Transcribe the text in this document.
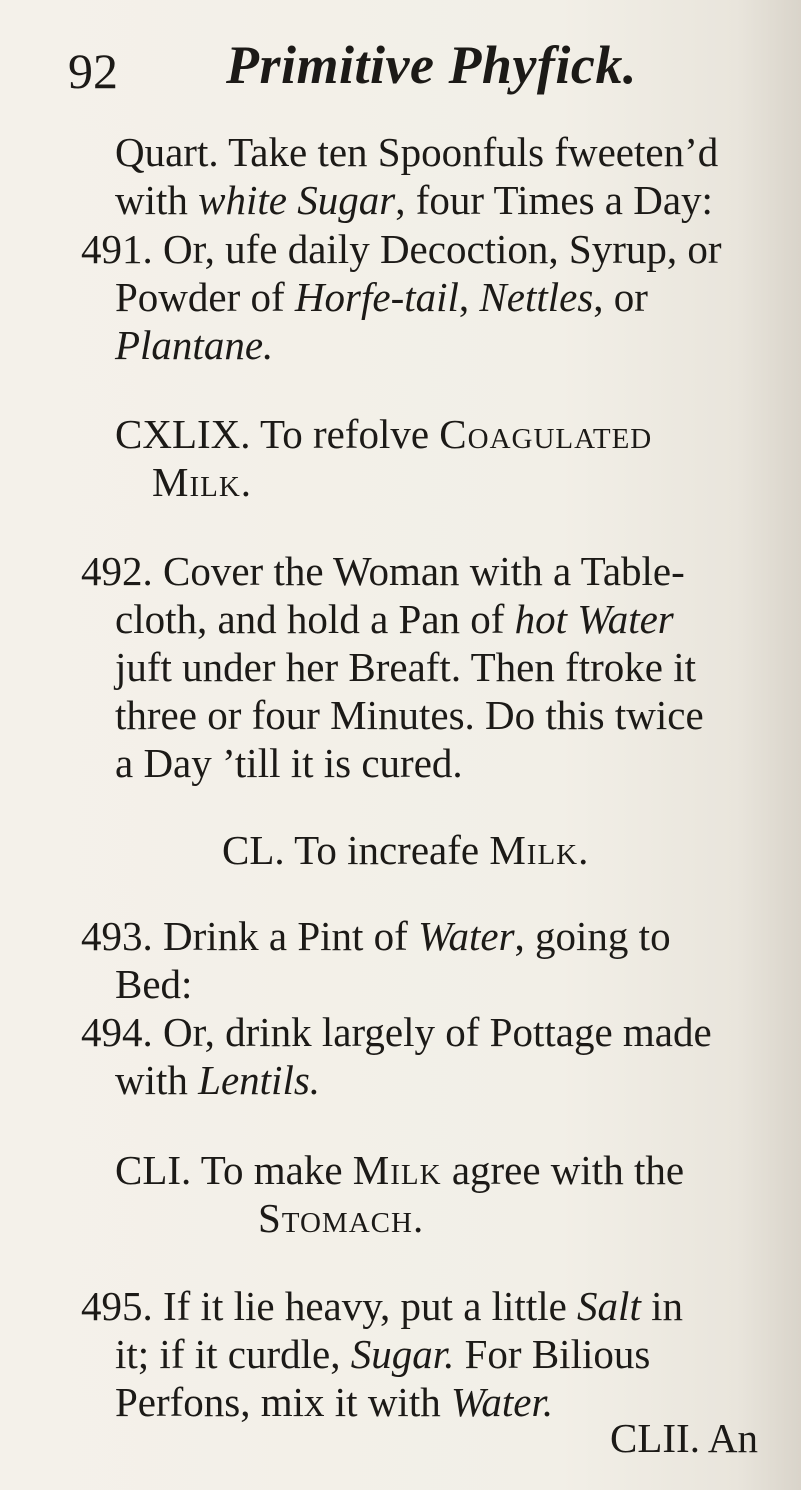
92 Primitive Phyfick.
Quart. Take ten Spoonfuls fweeten’d
with white Sugar, four Times a Day:
491. Or, ufe daily Decoction, Syrup, or
Powder of Horfe-tail, Nettles, or
Plantane.
CXLIX. To refolve Coagulated
Milk.
492. Cover the Woman with a Table-
cloth, and hold a Pan of hot Water
juft under her Breaft. Then ftroke it
three or four Minutes. Do this twice
a Day ’till it is cured.
CL. To increafe Milk.
493. Drink a Pint of Water, going to
Bed:
494. Or, drink largely of Pottage made
with Lentils.
CLI. To make Milk agree with the
Stomach.
495. If it lie heavy, put a little Salt in
it; if it curdle, Sugar. For Bilious
Perfons, mix it with Water.
CLII. An
